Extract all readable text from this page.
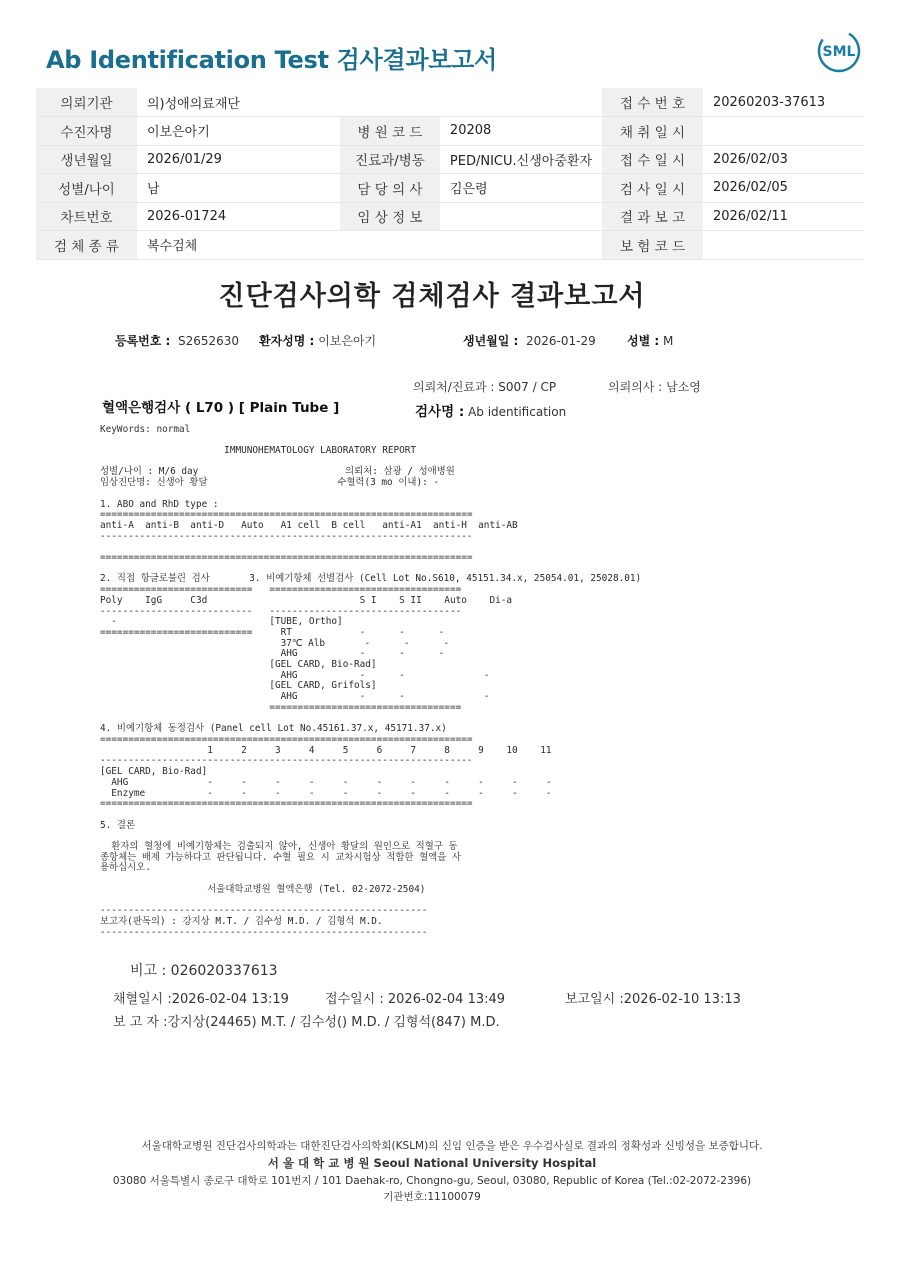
Ab Identification Test 검사결과보고서	SML
의뢰기관	의)성애의료재단			접 수 번 호	20260203-37613
수진자명	이보은아기	병 원 코 드	20208	채 취 일 시	
생년월일	2026/01/29	진료과/병동	PED/NICU.신생아중환자	접 수 일 시	2026/02/03
성별/나이	남	담 당 의 사	김은령	검 사 일 시	2026/02/05
차트번호	2026-01724	임 상 정 보		결 과 보 고	2026/02/11
검 체 종 류	복수검체			보 험 코 드	
진단검사의학 검체검사 결과보고서
등록번호 : S2652630 환자성명 : 이보은아기	생년월일 : 2026-01-29	성별 : M
의뢰처/진료과 : S007 / CP	의뢰의사 : 남소영
혈액은행검사 ( L70 ) [ Plain Tube ]	검사명 : Ab identification
KeyWords: normal
IMMUNOHEMATOLOGY LABORATORY REPORT

성별/나이 : M/6 day                          의뢰처: 삼광 / 성애병원
임상진단명: 신생아 황달                       수혈력(3 mo 이내): -

1. ABO and RhD type :
==================================================================
anti-A  anti-B  anti-D   Auto   A1 cell  B cell   anti-A1  anti-H  anti-AB
------------------------------------------------------------------

==================================================================

2. 직접 항글로불린 검사       3. 비예기항체 선별검사 (Cell Lot No.S610, 45151.34.x, 25054.01, 25028.01)
===========================   ==================================
Poly    IgG     C3d                           S I    S II    Auto    Di-a
---------------------------   ----------------------------------
-                           [TUBE, Ortho]
===========================     RT            -      -      -
37℃ Alb       -      -      -
AHG           -      -      -
[GEL CARD, Bio-Rad]
AHG           -      -              -
[GEL CARD, Grifols]
AHG           -      -              -
==================================

4. 비예기항체 동정검사 (Panel cell Lot No.45161.37.x, 45171.37.x)
==================================================================
1     2     3     4     5     6     7     8     9    10    11
------------------------------------------------------------------
[GEL CARD, Bio-Rad]
AHG              -     -     -     -     -     -     -     -     -     -     -
Enzyme           -     -     -     -     -     -     -     -     -     -     -
==================================================================

5. 결론

환자의 혈청에 비예기항체는 검출되지 않아, 신생아 황달의 원인으로 적혈구 동
종항체는 배제 가능하다고 판단됩니다. 수혈 필요 시 교차시험상 적합한 혈액을 사
용하십시오.

서울대학교병원 혈액은행 (Tel. 02-2072-2504)

----------------------------------------------------------
보고자(판독의) : 강지상 M.T. / 김수성 M.D. / 김형석 M.D.
----------------------------------------------------------
비고 : 026020337613
채혈일시 :2026-02-04 13:19	접수일시 : 2026-02-04 13:49	보고일시 :2026-02-10 13:13
보 고 자 :강지상(24465) M.T. / 김수성() M.D. / 김형석(847) M.D.
서울대학교병원 진단검사의학과는 대한진단검사의학회(KSLM)의 신임 인증을 받은 우수검사실로 결과의 정확성과 신빙성을 보증합니다.
서 울 대 학 교 병 원 Seoul National University Hospital
03080 서울특별시 종로구 대학로 101번지 / 101 Daehak-ro, Chongno-gu, Seoul, 03080, Republic of Korea (Tel.:02-2072-2396)
기관번호:11100079
